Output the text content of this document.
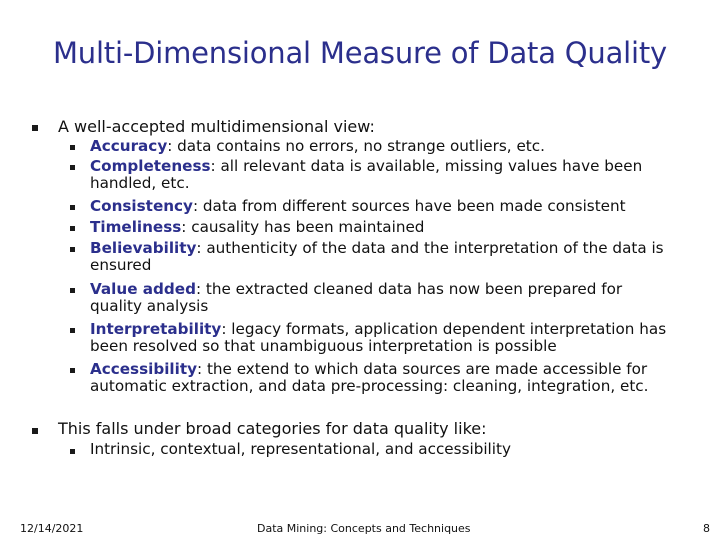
Multi-Dimensional Measure of Data Quality
A well-accepted multidimensional view:
Accuracy: data contains no errors, no strange outliers, etc.
Completeness: all relevant data is available, missing values have been handled, etc.
Consistency: data from different sources have been made consistent
Timeliness: causality has been maintained
Believability: authenticity of the data and the interpretation of the data is ensured
Value added: the extracted cleaned data has now been prepared for quality analysis
Interpretability: legacy formats, application dependent interpretation has been resolved so that unambiguous interpretation is possible
Accessibility: the extend to which data sources are made accessible for automatic extraction, and data pre-processing: cleaning, integration, etc.
This falls under broad categories for data quality like:
Intrinsic, contextual, representational, and accessibility
12/14/2021	Data Mining: Concepts and Techniques	8
